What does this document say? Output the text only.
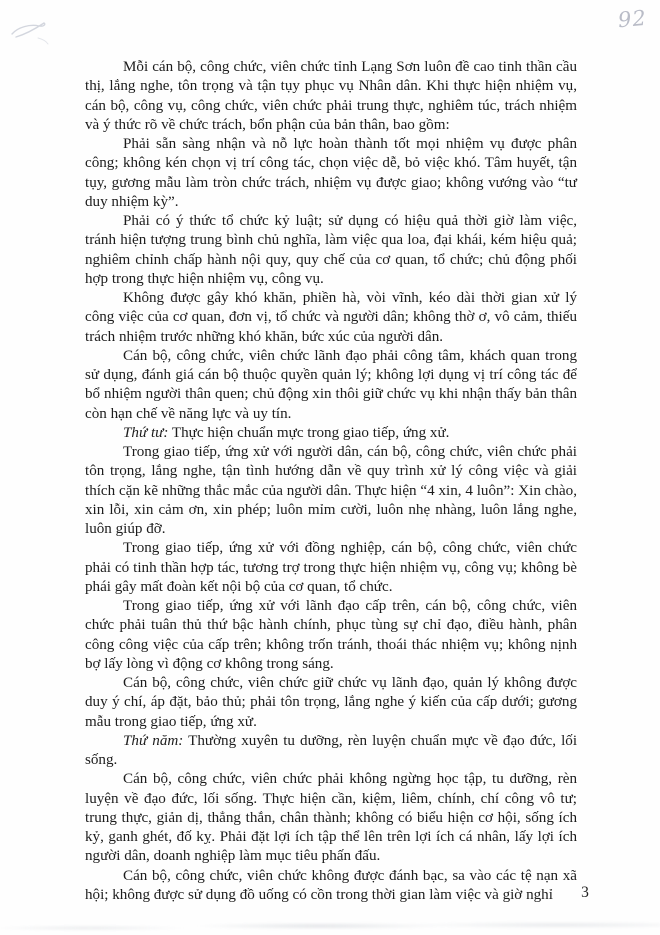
92

Mỗi cán bộ, công chức, viên chức tỉnh Lạng Sơn luôn đề cao tinh thần cầu thị, lắng nghe, tôn trọng và tận tụy phục vụ Nhân dân. Khi thực hiện nhiệm vụ, cán bộ, công vụ, công chức, viên chức phải trung thực, nghiêm túc, trách nhiệm và ý thức rõ về chức trách, bổn phận của bản thân, bao gồm:

Phải sẵn sàng nhận và nỗ lực hoàn thành tốt mọi nhiệm vụ được phân công; không kén chọn vị trí công tác, chọn việc dễ, bỏ việc khó. Tâm huyết, tận tụy, gương mẫu làm tròn chức trách, nhiệm vụ được giao; không vướng vào “tư duy nhiệm kỳ”.

Phải có ý thức tổ chức kỷ luật; sử dụng có hiệu quả thời giờ làm việc, tránh hiện tượng trung bình chủ nghĩa, làm việc qua loa, đại khái, kém hiệu quả; nghiêm chỉnh chấp hành nội quy, quy chế của cơ quan, tổ chức; chủ động phối hợp trong thực hiện nhiệm vụ, công vụ.

Không được gây khó khăn, phiền hà, vòi vĩnh, kéo dài thời gian xử lý công việc của cơ quan, đơn vị, tổ chức và người dân; không thờ ơ, vô cảm, thiếu trách nhiệm trước những khó khăn, bức xúc của người dân.

Cán bộ, công chức, viên chức lãnh đạo phải công tâm, khách quan trong sử dụng, đánh giá cán bộ thuộc quyền quản lý; không lợi dụng vị trí công tác để bổ nhiệm người thân quen; chủ động xin thôi giữ chức vụ khi nhận thấy bản thân còn hạn chế về năng lực và uy tín.

Thứ tư: Thực hiện chuẩn mực trong giao tiếp, ứng xử.

Trong giao tiếp, ứng xử với người dân, cán bộ, công chức, viên chức phải tôn trọng, lắng nghe, tận tình hướng dẫn về quy trình xử lý công việc và giải thích cặn kẽ những thắc mắc của người dân. Thực hiện “4 xin, 4 luôn”: Xin chào, xin lỗi, xin cảm ơn, xin phép; luôn mỉm cười, luôn nhẹ nhàng, luôn lắng nghe, luôn giúp đỡ.

Trong giao tiếp, ứng xử với đồng nghiệp, cán bộ, công chức, viên chức phải có tinh thần hợp tác, tương trợ trong thực hiện nhiệm vụ, công vụ; không bè phái gây mất đoàn kết nội bộ của cơ quan, tổ chức.

Trong giao tiếp, ứng xử với lãnh đạo cấp trên, cán bộ, công chức, viên chức phải tuân thủ thứ bậc hành chính, phục tùng sự chỉ đạo, điều hành, phân công công việc của cấp trên; không trốn tránh, thoái thác nhiệm vụ; không nịnh bợ lấy lòng vì động cơ không trong sáng.

Cán bộ, công chức, viên chức giữ chức vụ lãnh đạo, quản lý không được duy ý chí, áp đặt, bảo thủ; phải tôn trọng, lắng nghe ý kiến của cấp dưới; gương mẫu trong giao tiếp, ứng xử.

Thứ năm: Thường xuyên tu dưỡng, rèn luyện chuẩn mực về đạo đức, lối sống.

Cán bộ, công chức, viên chức phải không ngừng học tập, tu dưỡng, rèn luyện về đạo đức, lối sống. Thực hiện cần, kiệm, liêm, chính, chí công vô tư; trung thực, giản dị, thẳng thắn, chân thành; không có biểu hiện cơ hội, sống ích kỷ, ganh ghét, đố kỵ. Phải đặt lợi ích tập thể lên trên lợi ích cá nhân, lấy lợi ích người dân, doanh nghiệp làm mục tiêu phấn đấu.

Cán bộ, công chức, viên chức không được đánh bạc, sa vào các tệ nạn xã hội; không được sử dụng đồ uống có cồn trong thời gian làm việc và giờ nghỉ	3
